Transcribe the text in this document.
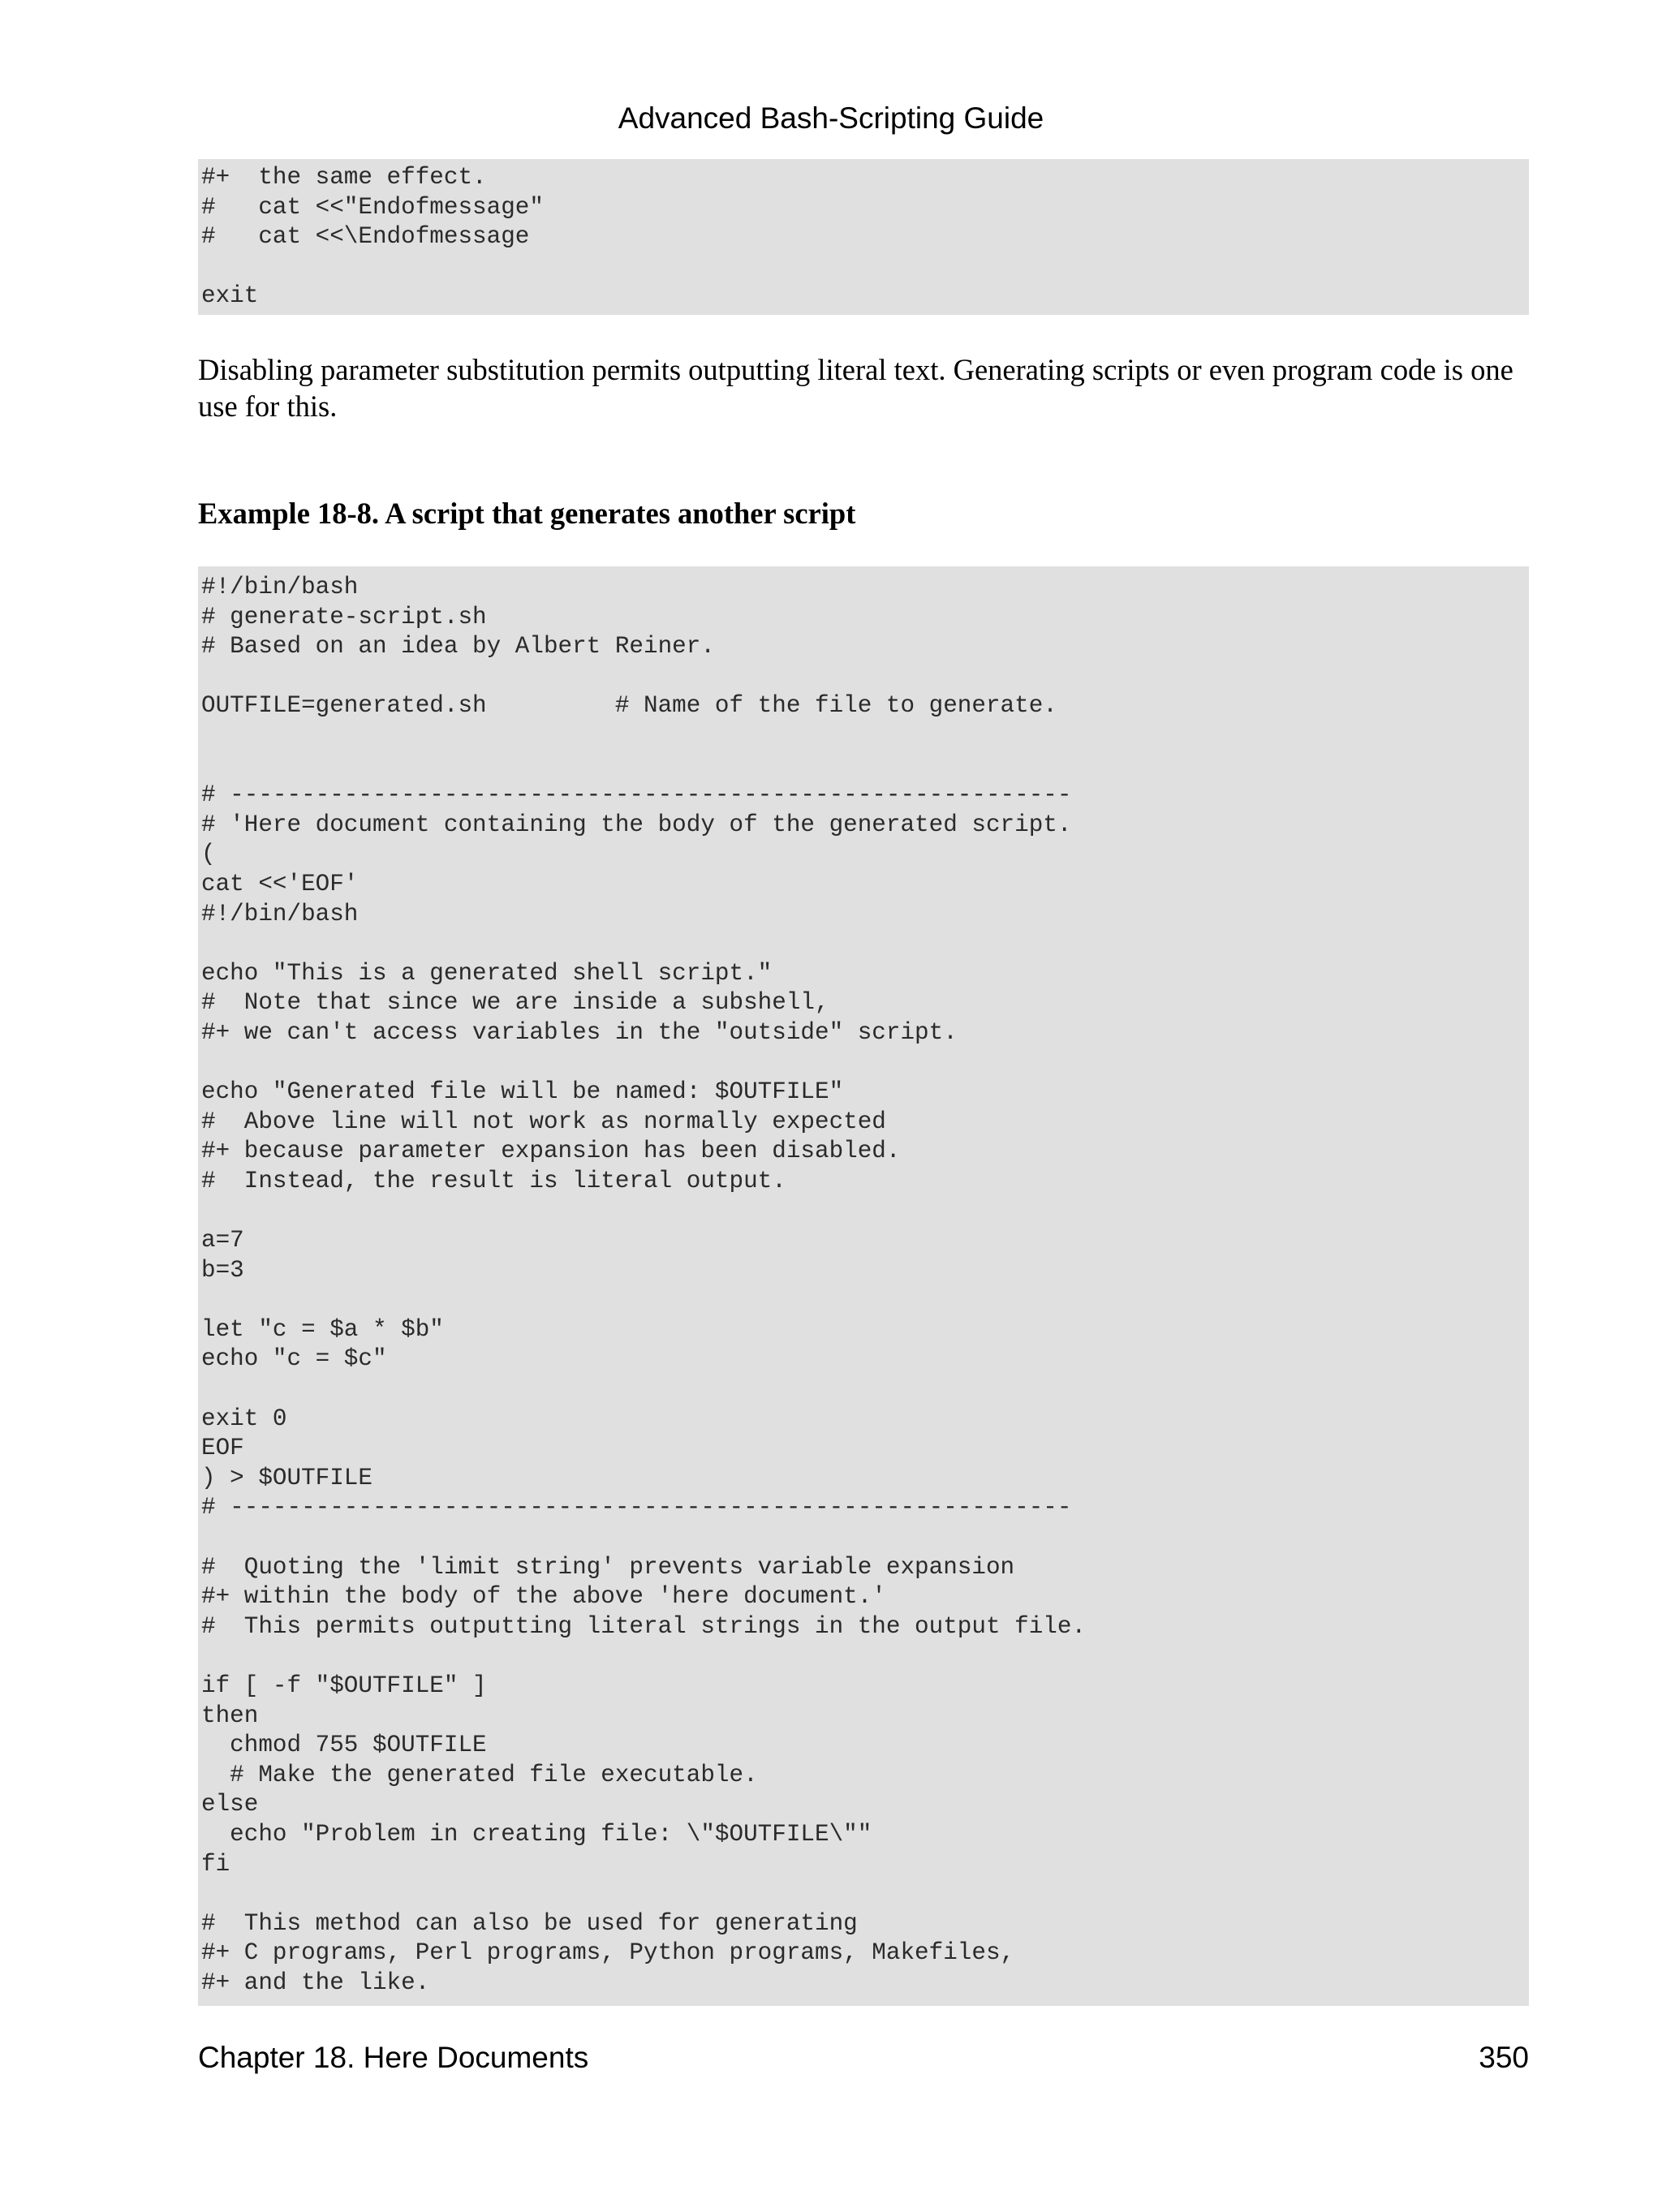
Advanced Bash-Scripting Guide
#+  the same effect.
#   cat <<"Endofmessage"
#   cat <<\Endofmessage

exit

Disabling parameter substitution permits outputting literal text. Generating scripts or even program code is one use for this.

Example 18-8. A script that generates another script

#!/bin/bash
# generate-script.sh
# Based on an idea by Albert Reiner.

OUTFILE=generated.sh         # Name of the file to generate.

# -----------------------------------------------------------
# 'Here document containing the body of the generated script.
(
cat <<'EOF'
#!/bin/bash

echo "This is a generated shell script."
#  Note that since we are inside a subshell,
#+ we can't access variables in the "outside" script.

echo "Generated file will be named: $OUTFILE"
#  Above line will not work as normally expected
#+ because parameter expansion has been disabled.
#  Instead, the result is literal output.

a=7
b=3

let "c = $a * $b"
echo "c = $c"

exit 0
EOF
) > $OUTFILE
# -----------------------------------------------------------

#  Quoting the 'limit string' prevents variable expansion
#+ within the body of the above 'here document.'
#  This permits outputting literal strings in the output file.

if [ -f "$OUTFILE" ]
then
chmod 755 $OUTFILE
# Make the generated file executable.
else
echo "Problem in creating file: \"$OUTFILE\""
fi

#  This method can also be used for generating
#+ C programs, Perl programs, Python programs, Makefiles,
#+ and the like.
Chapter 18. Here Documents	350
